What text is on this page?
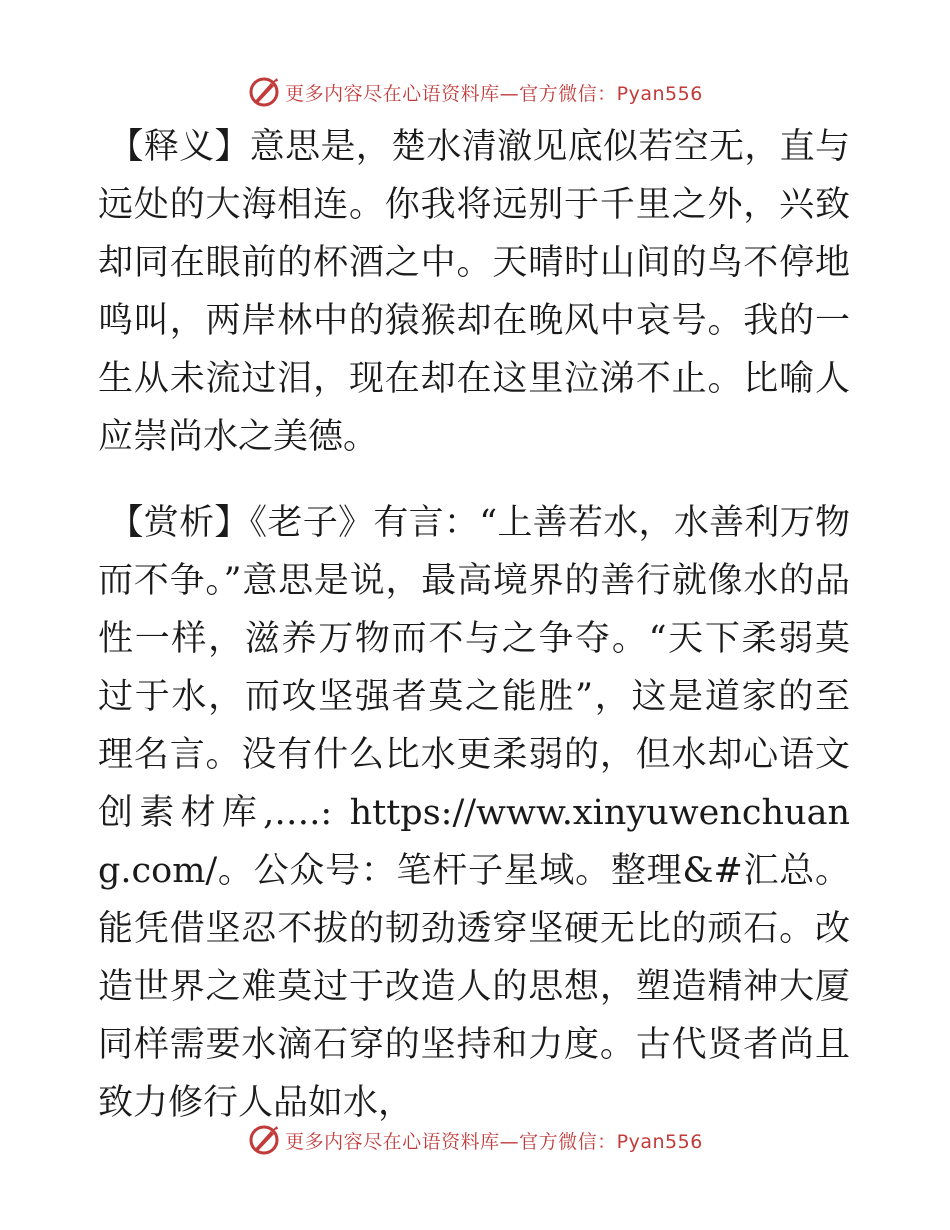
更多内容尽在心语资料库—官方微信：Pyan556

【释义】意思是，楚水清澈见底似若空无，直与远处的大海相连。你我将远别于千里之外，兴致却同在眼前的杯酒之中。天晴时山间的鸟不停地鸣叫，两岸林中的猿猴却在晚风中哀号。我的一生从未流过泪，现在却在这里泣涕不止。比喻人应崇尚水之美德。

【赏析】《老子》有言：“上善若水，水善利万物而不争。”意思是说，最高境界的善行就像水的品性一样，滋养万物而不与之争夺。“天下柔弱莫过于水，而攻坚强者莫之能胜”，这是道家的至理名言。没有什么比水更柔弱的，但水却心语文创素材库,….: https://www.xinyuwenchuang.com/。公众号：笔杆子星域。整理&#汇总。能凭借坚忍不拔的韧劲透穿坚硬无比的顽石。改造世界之难莫过于改造人的思想，塑造精神大厦同样需要水滴石穿的坚持和力度。古代贤者尚且致力修行人品如水，

更多内容尽在心语资料库—官方微信：Pyan556
